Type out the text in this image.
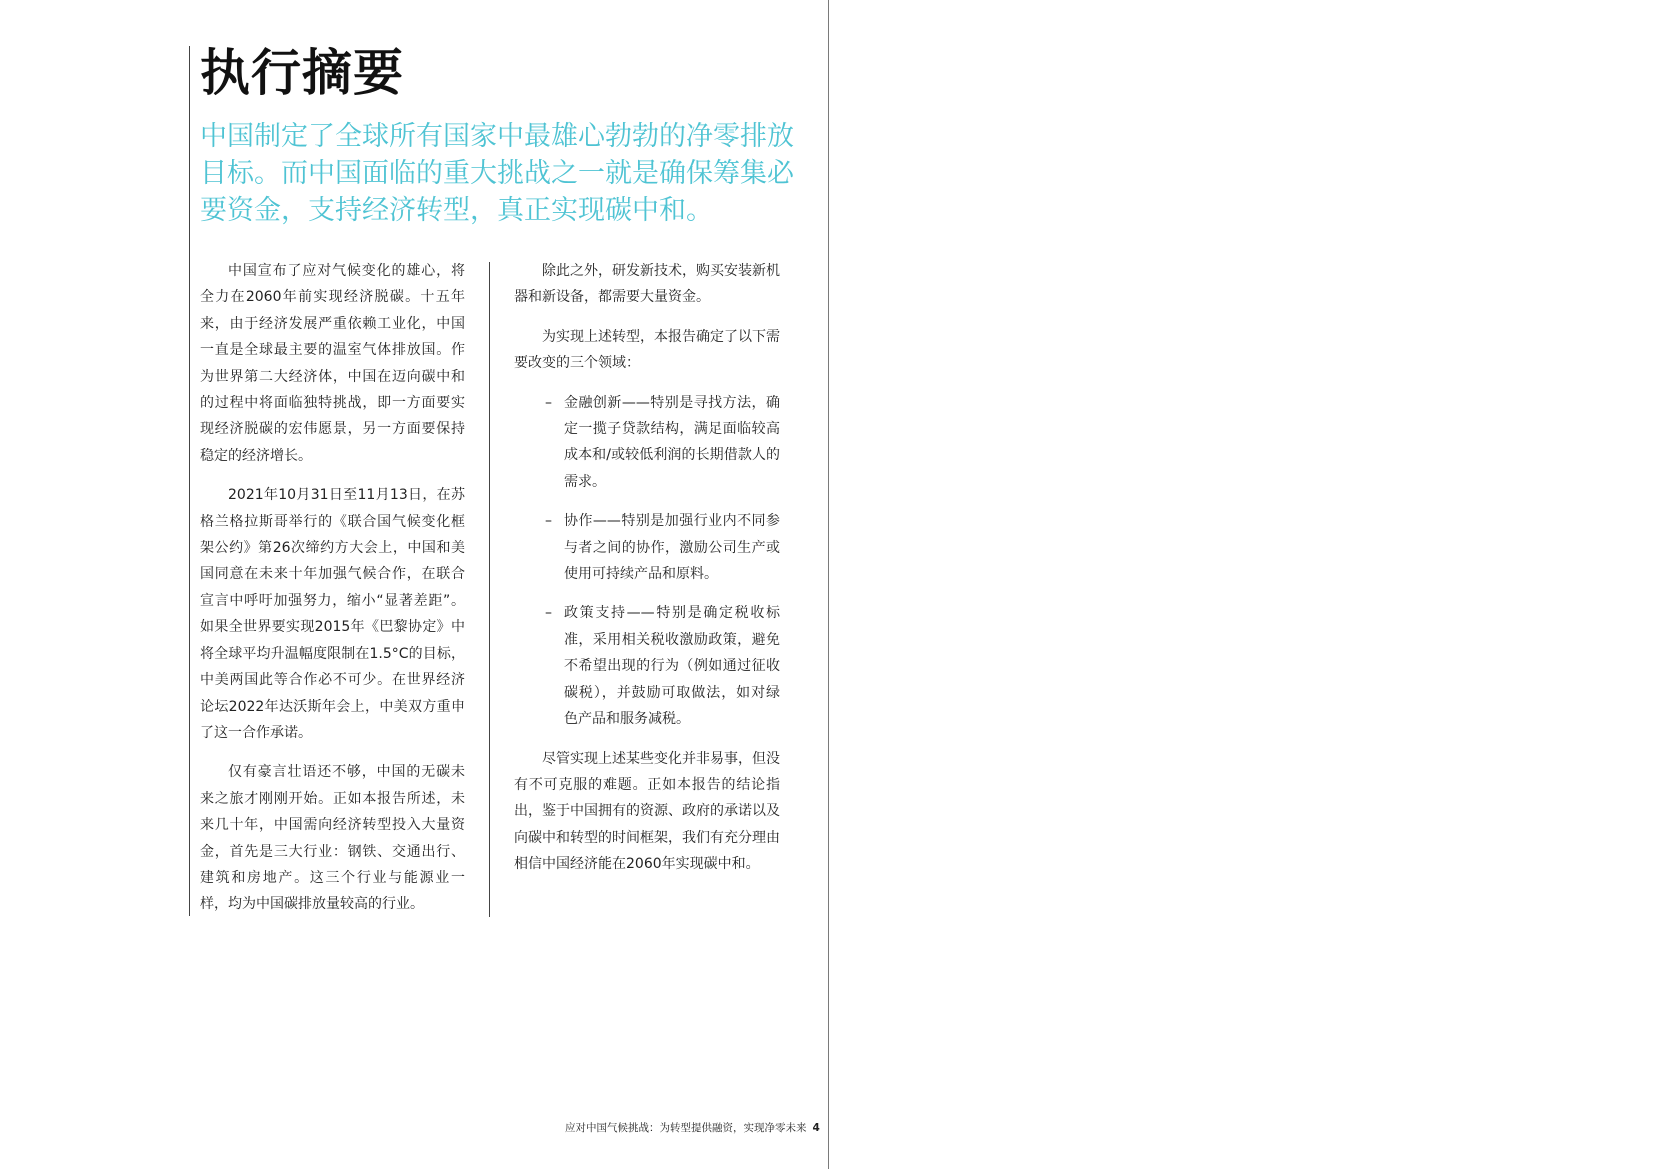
执行摘要

中国制定了全球所有国家中最雄心勃勃的净零排放目标。而中国面临的重大挑战之一就是确保筹集必要资金，支持经济转型，真正实现碳中和。

中国宣布了应对气候变化的雄心，将全力在2060年前实现经济脱碳。十五年来，由于经济发展严重依赖工业化，中国一直是全球最主要的温室气体排放国。作为世界第二大经济体，中国在迈向碳中和的过程中将面临独特挑战，即一方面要实现经济脱碳的宏伟愿景，另一方面要保持稳定的经济增长。

2021年10月31日至11月13日，在苏格兰格拉斯哥举行的《联合国气候变化框架公约》第26次缔约方大会上，中国和美国同意在未来十年加强气候合作，在联合宣言中呼吁加强努力，缩小“显著差距”。如果全世界要实现2015年《巴黎协定》中将全球平均升温幅度限制在1.5°C的目标，中美两国此等合作必不可少。在世界经济论坛2022年达沃斯年会上，中美双方重申了这一合作承诺。

仅有豪言壮语还不够，中国的无碳未来之旅才刚刚开始。正如本报告所述，未来几十年，中国需向经济转型投入大量资金，首先是三大行业：钢铁、交通出行、建筑和房地产。这三个行业与能源业一样，均为中国碳排放量较高的行业。

除此之外，研发新技术，购买安装新机器和新设备，都需要大量资金。

为实现上述转型，本报告确定了以下需要改变的三个领域：

– 金融创新——特别是寻找方法，确定一揽子贷款结构，满足面临较高成本和/或较低利润的长期借款人的需求。
– 协作——特别是加强行业内不同参与者之间的协作，激励公司生产或使用可持续产品和原料。
– 政策支持——特别是确定税收标准，采用相关税收激励政策，避免不希望出现的行为（例如通过征收碳税），并鼓励可取做法，如对绿色产品和服务减税。

尽管实现上述某些变化并非易事，但没有不可克服的难题。正如本报告的结论指出，鉴于中国拥有的资源、政府的承诺以及向碳中和转型的时间框架，我们有充分理由相信中国经济能在2060年实现碳中和。

应对中国气候挑战：为转型提供融资，实现净零未来 4
